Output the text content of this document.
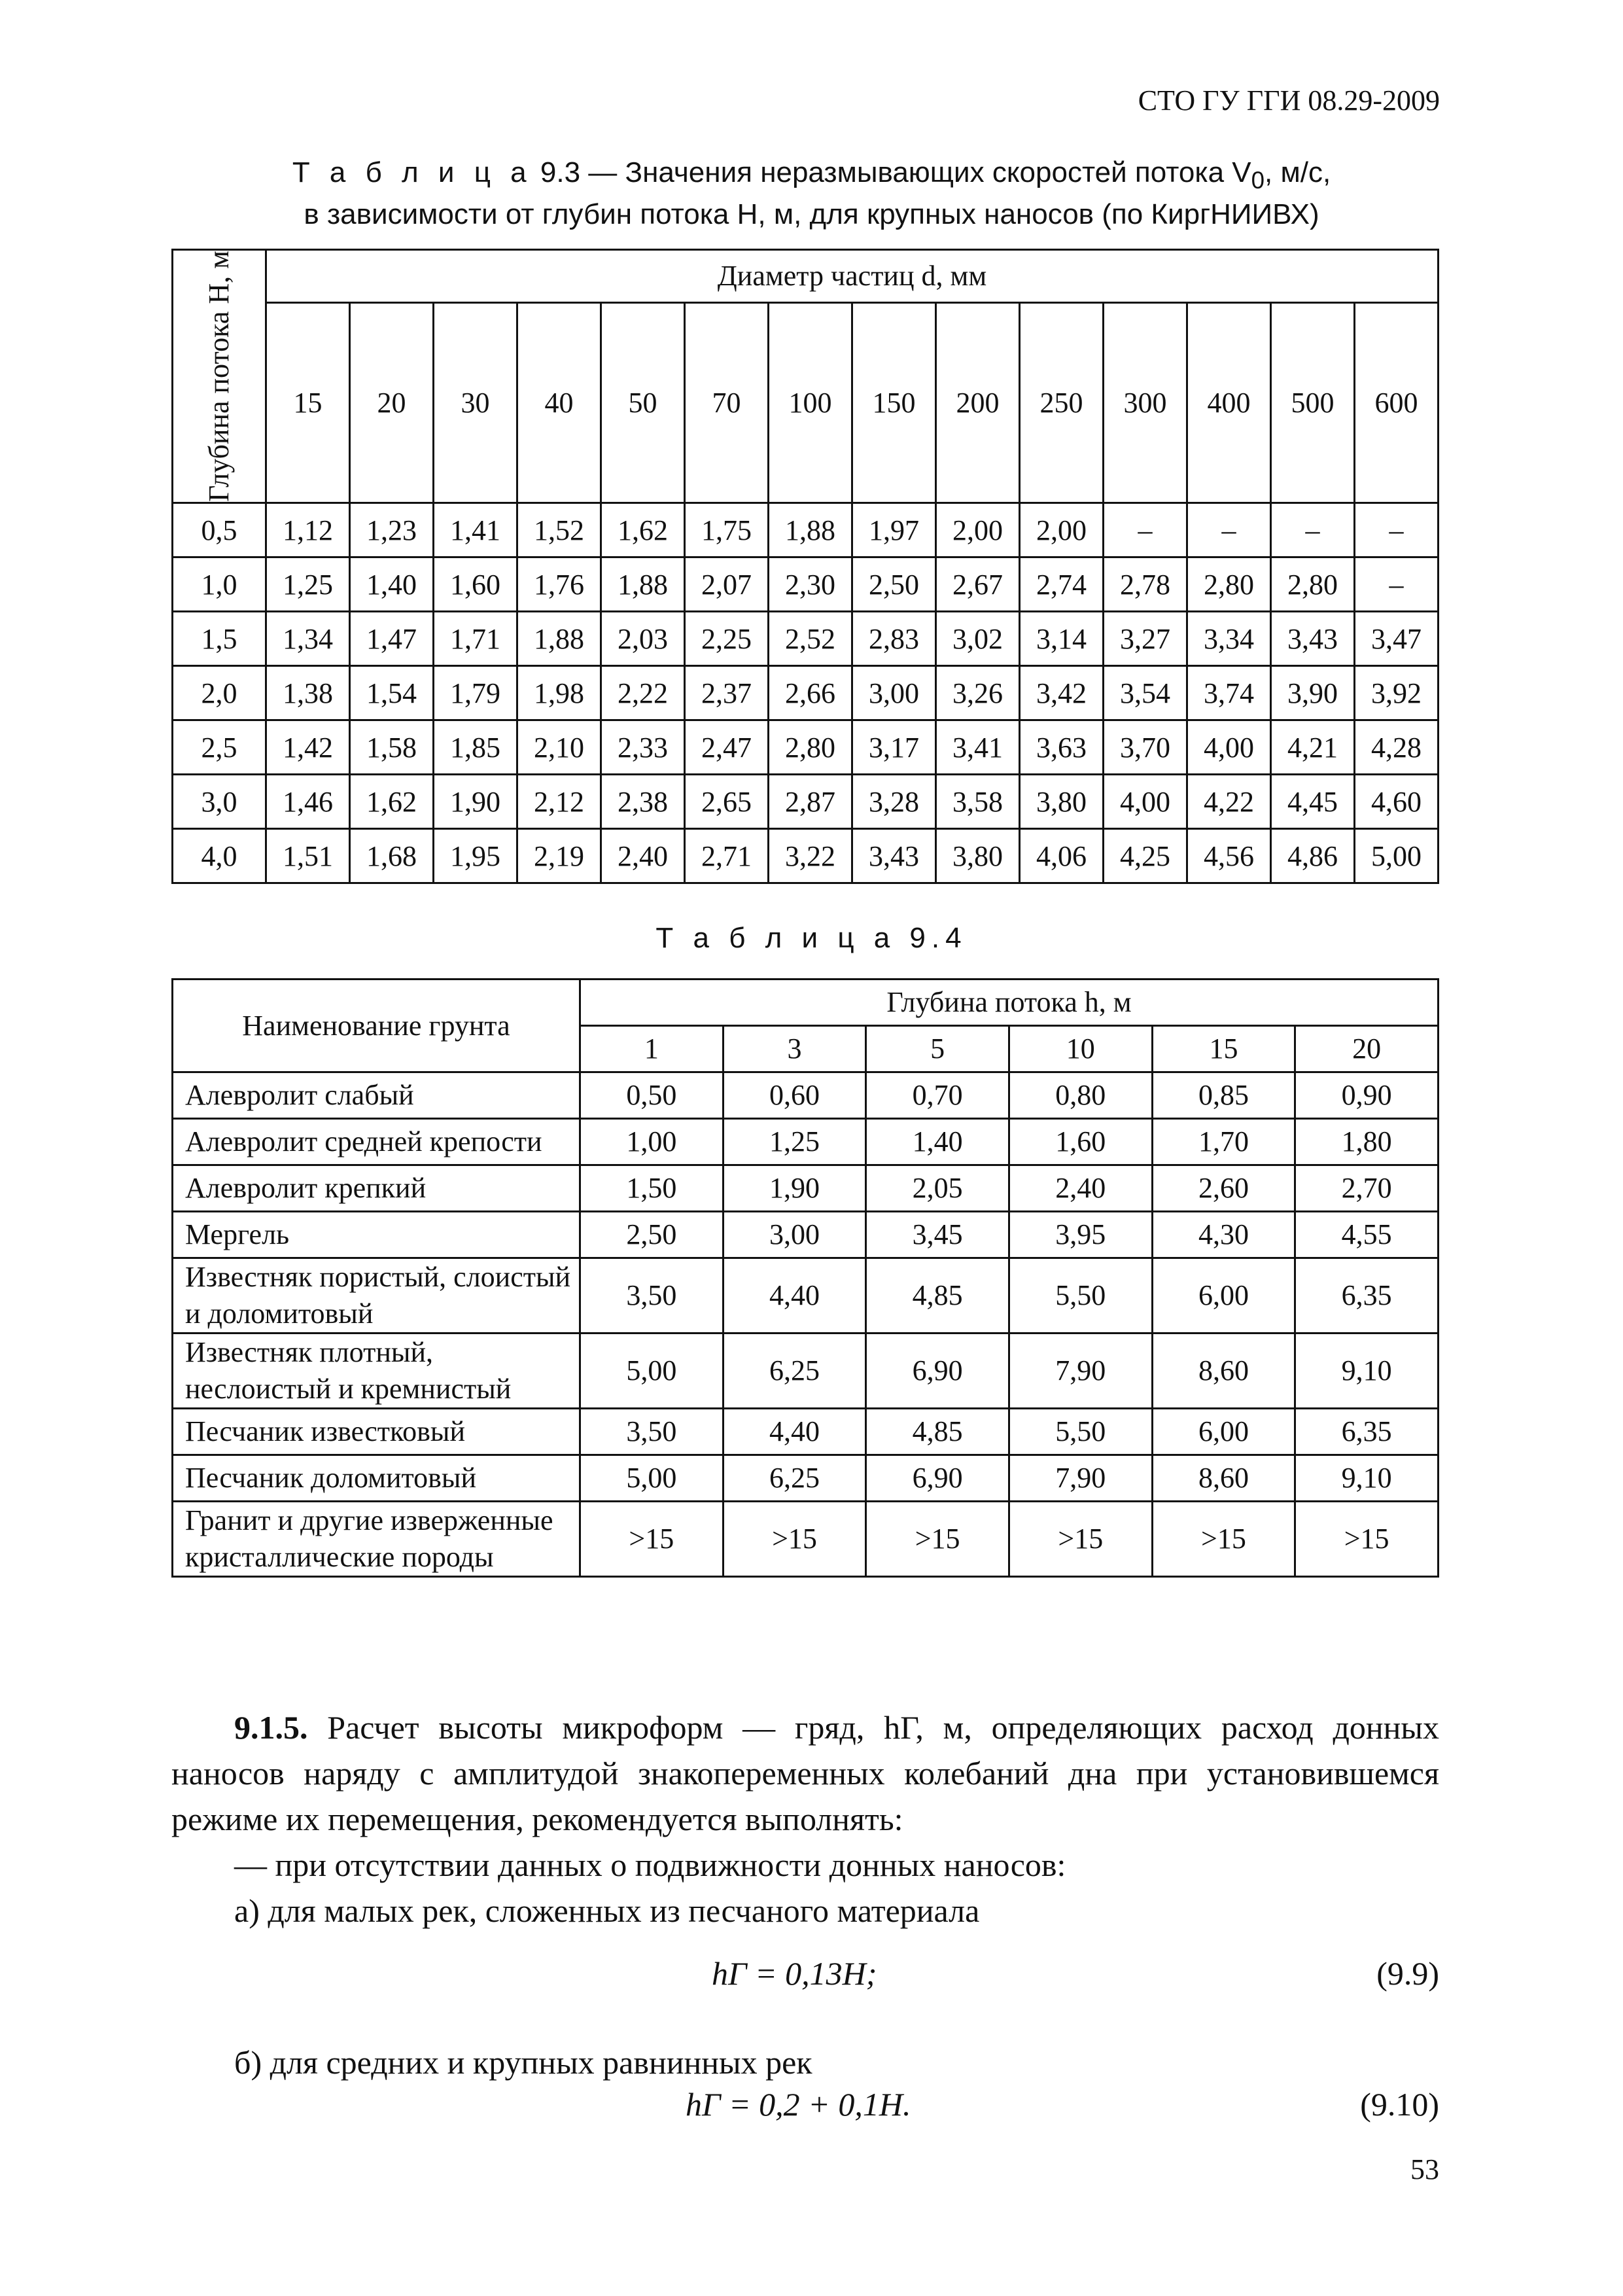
СТО ГУ ГГИ 08.29-2009
Т а б л и ц а 9.3 — Значения неразмывающих скоростей потока $V_0$, м/с,
в зависимости от глубин потока Н, м, для крупных наносов (по КиргНИИВХ)
Глубина потока H, м	Диаметр частиц d, мм													
	15	20	30	40	50	70	100	150	200	250	300	400	500	600
0,5	1,12	1,23	1,41	1,52	1,62	1,75	1,88	1,97	2,00	2,00	–	–	–	–
1,0	1,25	1,40	1,60	1,76	1,88	2,07	2,30	2,50	2,67	2,74	2,78	2,80	2,80	–
1,5	1,34	1,47	1,71	1,88	2,03	2,25	2,52	2,83	3,02	3,14	3,27	3,34	3,43	3,47
2,0	1,38	1,54	1,79	1,98	2,22	2,37	2,66	3,00	3,26	3,42	3,54	3,74	3,90	3,92
2,5	1,42	1,58	1,85	2,10	2,33	2,47	2,80	3,17	3,41	3,63	3,70	4,00	4,21	4,28
3,0	1,46	1,62	1,90	2,12	2,38	2,65	2,87	3,28	3,58	3,80	4,00	4,22	4,45	4,60
4,0	1,51	1,68	1,95	2,19	2,40	2,71	3,22	3,43	3,80	4,06	4,25	4,56	4,86	5,00
Т а б л и ц а 9.4
Наименование грунта	Глубина потока h, м					
	1	3	5	10	15	20
Алевролит слабый	0,50	0,60	0,70	0,80	0,85	0,90
Алевролит средней крепости	1,00	1,25	1,40	1,60	1,70	1,80
Алевролит крепкий	1,50	1,90	2,05	2,40	2,60	2,70
Мергель	2,50	3,00	3,45	3,95	4,30	4,55
Известняк пористый, слоистый и доломитовый	3,50	4,40	4,85	5,50	6,00	6,35
Известняк плотный, неслоистый и кремнистый	5,00	6,25	6,90	7,90	8,60	9,10
Песчаник известковый	3,50	4,40	4,85	5,50	6,00	6,35
Песчаник доломитовый	5,00	6,25	6,90	7,90	8,60	9,10
Гранит и другие изверженные кристаллические породы	>15	>15	>15	>15	>15	>15
9.1.5. Расчет высоты микроформ — гряд, hГ, м, определяющих расход донных наносов наряду с амплитудой знакопеременных колебаний дна при установившемся режиме их перемещения, рекомендуется выполнять:
— при отсутствии данных о подвижности донных наносов:
а) для малых рек, сложенных из песчаного материала
hГ = 0,13H;	(9.9)
б) для средних и крупных равнинных рек
hГ = 0,2 + 0,1H.	(9.10)
53
